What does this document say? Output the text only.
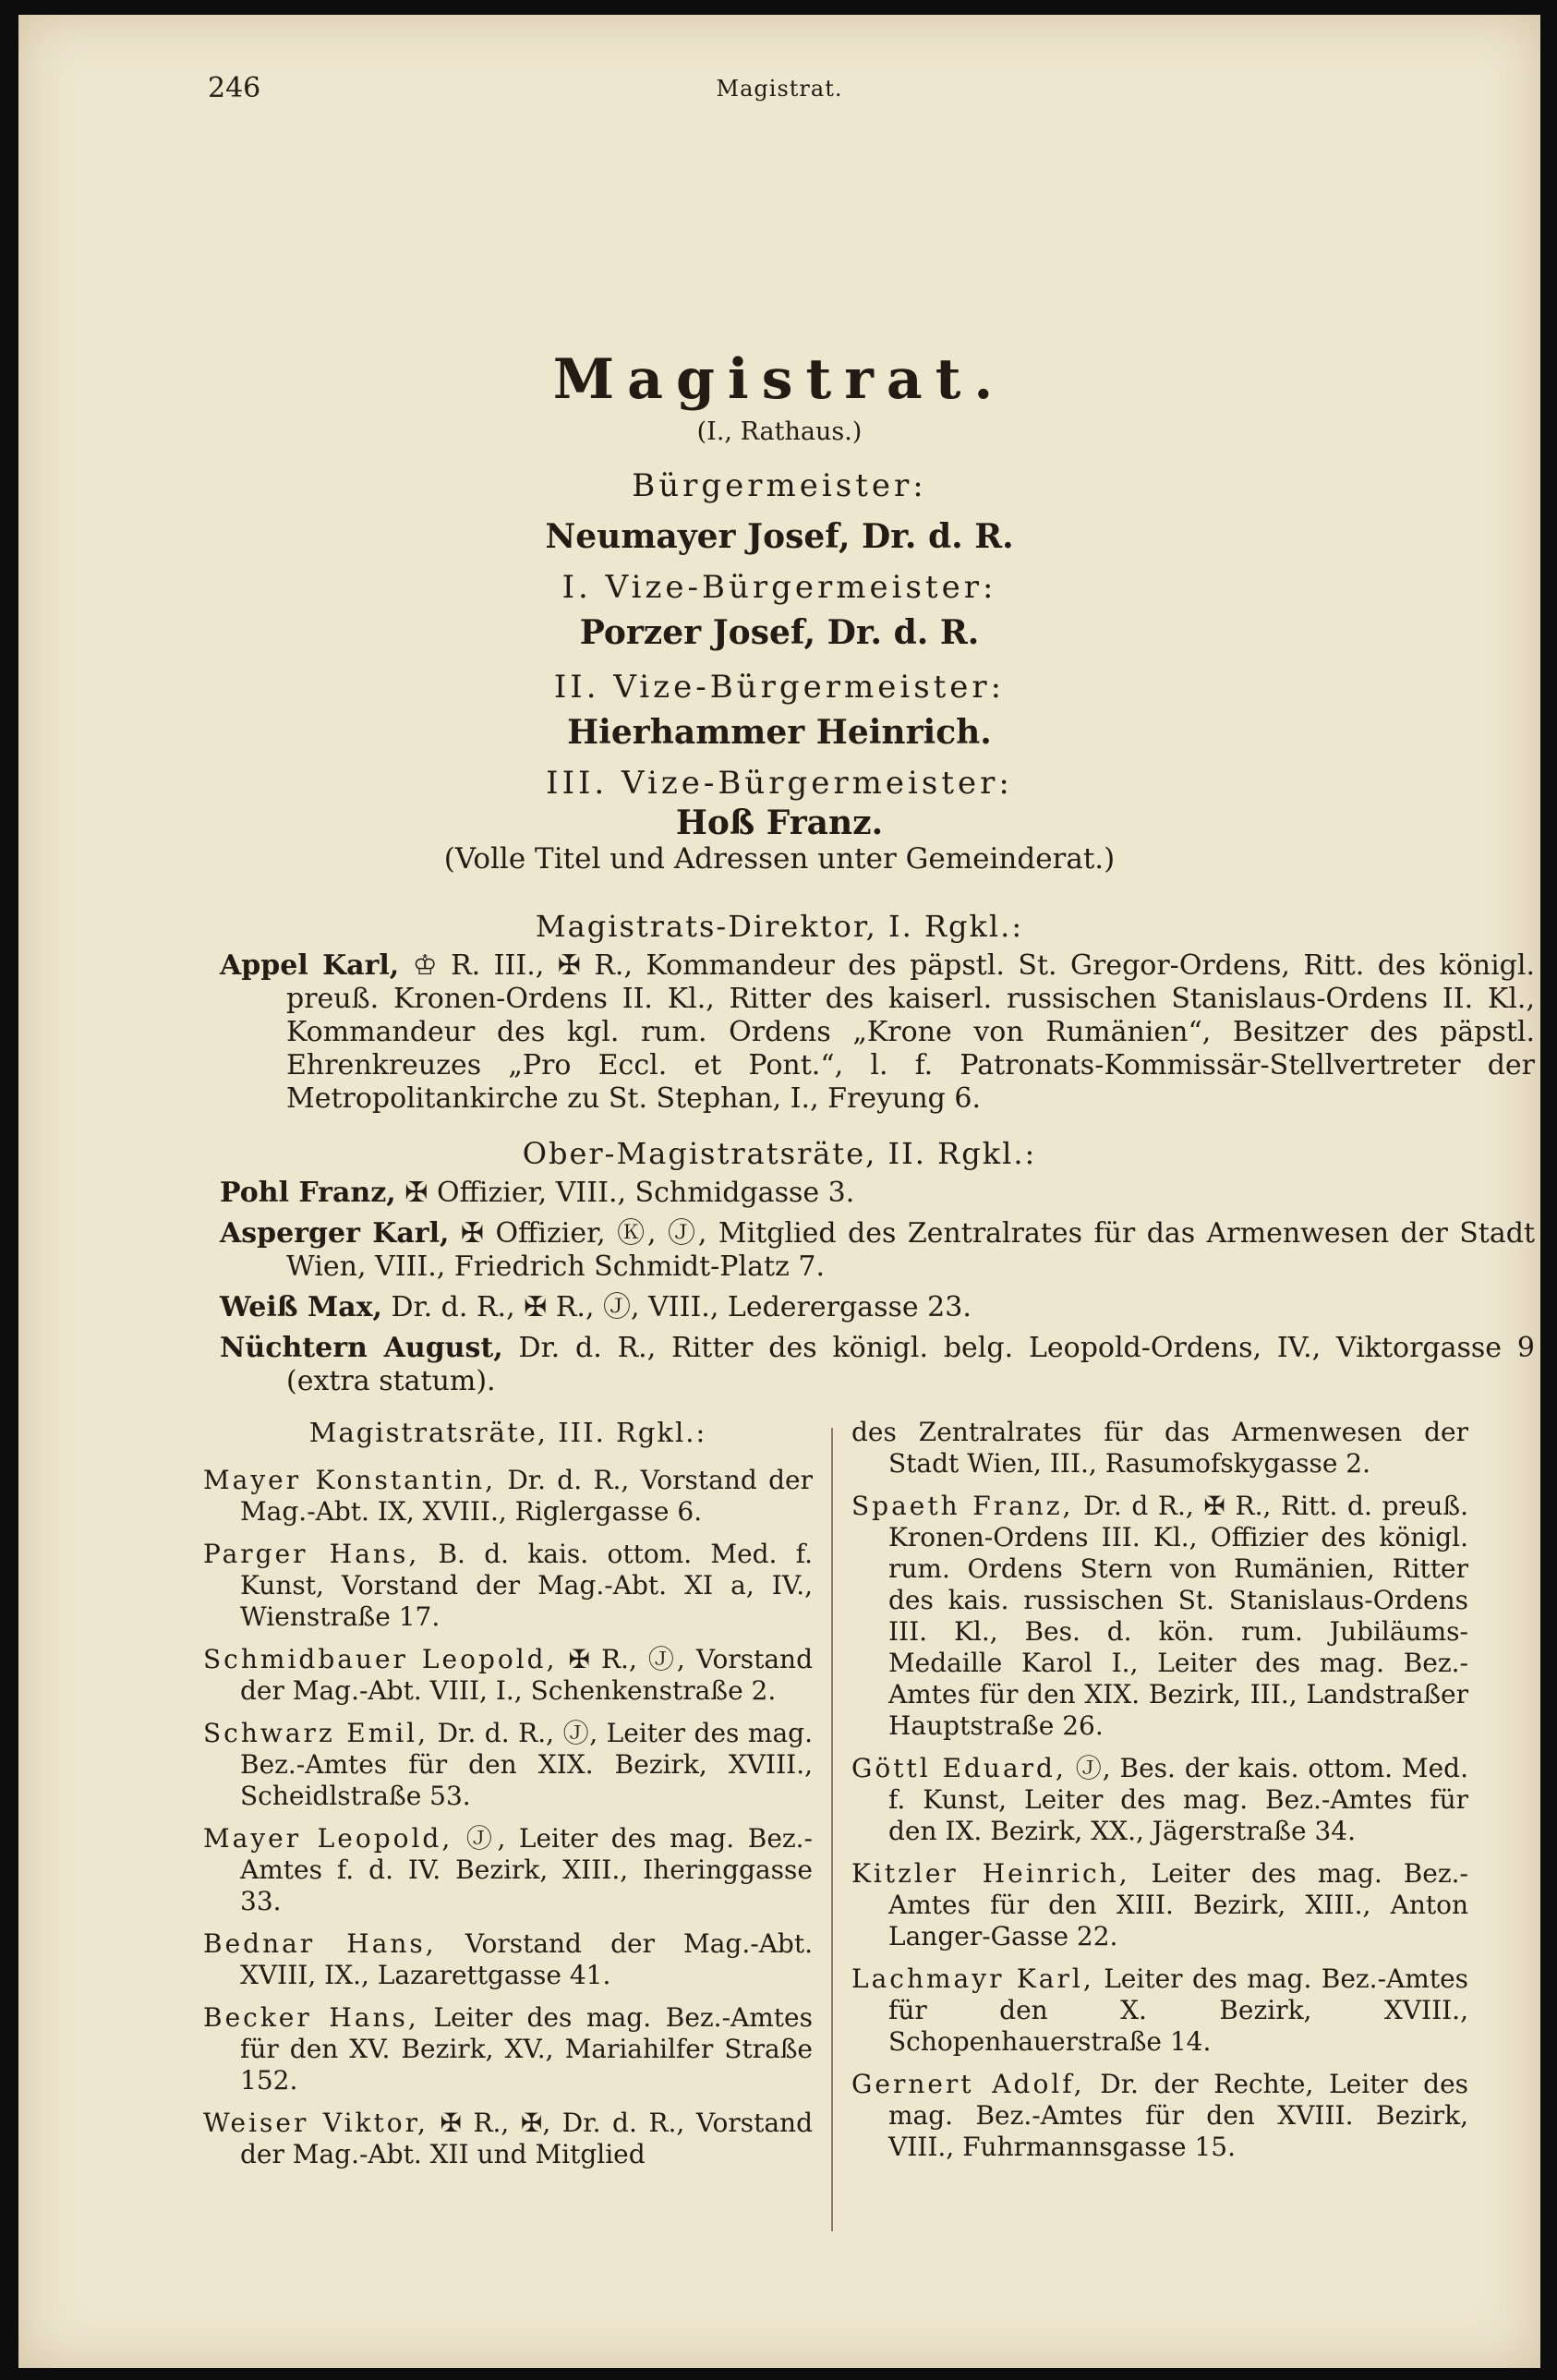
246	Magistrat.
Magistrat.
(I., Rathaus.)
Bürgermeister:
Neumayer Josef, Dr. d. R.
I. Vize-Bürgermeister:
Porzer Josef, Dr. d. R.
II. Vize-Bürgermeister:
Hierhammer Heinrich.
III. Vize-Bürgermeister:
Hoß Franz.
(Volle Titel und Adressen unter Gemeinderat.)
Magistrats-Direktor, I. Rgkl.:

Appel Karl, ♔ R. III., ✠ R., Kommandeur des päpstl. St. Gregor-Ordens, Ritt. des königl. preuß. Kronen-Ordens II. Kl., Ritter des kaiserl. russischen Stanislaus-Ordens II. Kl., Kommandeur des kgl. rum. Ordens „Krone von Rumänien“, Besitzer des päpstl. Ehrenkreuzes „Pro Eccl. et Pont.“, l. f. Patronats-Kommissär-Stellvertreter der Metropolitankirche zu St. Stephan, I., Freyung 6.

Ober-Magistratsräte, II. Rgkl.:

Pohl Franz, ✠ Offizier, VIII., Schmidgasse 3.

Asperger Karl, ✠ Offizier, Ⓚ, Ⓙ, Mitglied des Zentralrates für das Armenwesen der Stadt Wien, VIII., Friedrich Schmidt-Platz 7.

Weiß Max, Dr. d. R., ✠ R., Ⓙ, VIII., Lederergasse 23.

Nüchtern August, Dr. d. R., Ritter des königl. belg. Leopold-Ordens, IV., Viktorgasse 9 (extra statum).

Magistratsräte, III. Rgkl.:

Mayer Konstantin, Dr. d. R., Vorstand der Mag.-Abt. IX, XVIII., Riglergasse 6.

Parger Hans, B. d. kais. ottom. Med. f. Kunst, Vorstand der Mag.-Abt. XI a, IV., Wienstraße 17.

Schmidbauer Leopold, ✠ R., Ⓙ, Vorstand der Mag.-Abt. VIII, I., Schenkenstraße 2.

Schwarz Emil, Dr. d. R., Ⓙ, Leiter des mag. Bez.-Amtes für den XIX. Bezirk, XVIII., Scheidlstraße 53.

Mayer Leopold, Ⓙ, Leiter des mag. Bez.-Amtes f. d. IV. Bezirk, XIII., Iheringgasse 33.

Bednar Hans, Vorstand der Mag.-Abt. XVIII, IX., Lazarettgasse 41.

Becker Hans, Leiter des mag. Bez.-Amtes für den XV. Bezirk, XV., Mariahilfer Straße 152.

Weiser Viktor, ✠ R., ✠, Dr. d. R., Vorstand der Mag.-Abt. XII und Mitglied

des Zentralrates für das Armenwesen der Stadt Wien, III., Rasumofskygasse 2.

Spaeth Franz, Dr. d R., ✠ R., Ritt. d. preuß. Kronen-Ordens III. Kl., Offizier des königl. rum. Ordens Stern von Rumänien, Ritter des kais. russischen St. Stanislaus-Ordens III. Kl., Bes. d. kön. rum. Jubiläums-Medaille Karol I., Leiter des mag. Bez.-Amtes für den XIX. Bezirk, III., Landstraßer Hauptstraße 26.

Göttl Eduard, Ⓙ, Bes. der kais. ottom. Med. f. Kunst, Leiter des mag. Bez.-Amtes für den IX. Bezirk, XX., Jägerstraße 34.

Kitzler Heinrich, Leiter des mag. Bez.-Amtes für den XIII. Bezirk, XIII., Anton Langer-Gasse 22.

Lachmayr Karl, Leiter des mag. Bez.-Amtes für den X. Bezirk, XVIII., Schopenhauerstraße 14.

Gernert Adolf, Dr. der Rechte, Leiter des mag. Bez.-Amtes für den XVIII. Bezirk, VIII., Fuhrmannsgasse 15.
